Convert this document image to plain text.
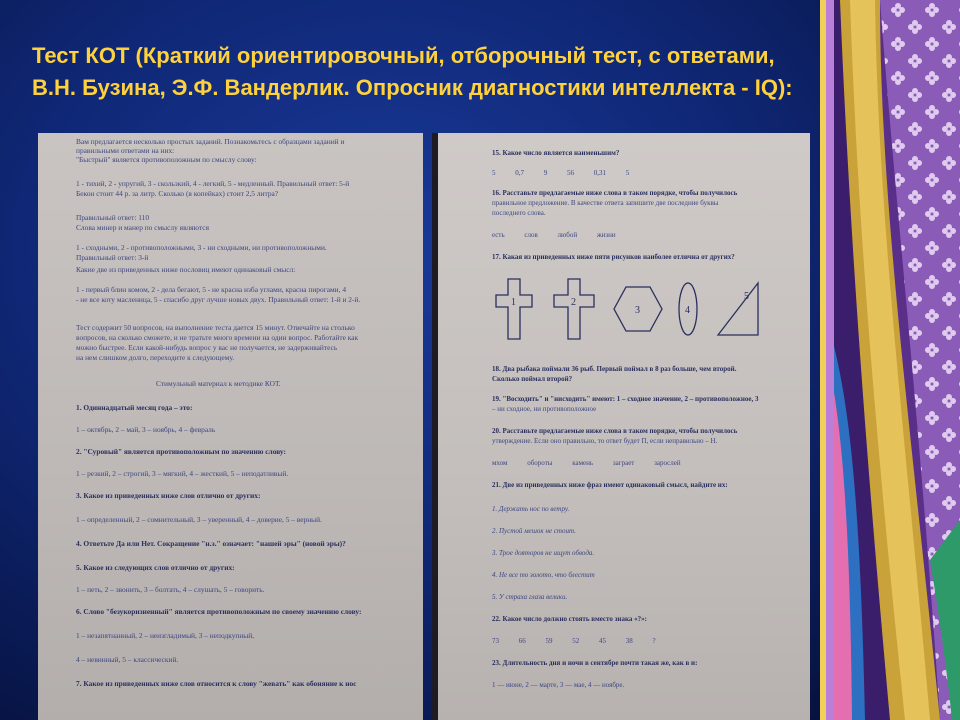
Тест КОТ (Краткий ориентировочный, отборочный тест, с ответами, В.Н. Бузина, Э.Ф. Вандерлик. Опросник диагностики интеллекта - IQ):
Вам предлагается несколько простых заданий. Познакомьтесь с образцами заданий и
правильными ответами на них:
"Быстрый" является противоположным по смыслу слову:
1 - тихий, 2 - упругий, 3 - скользкий, 4 - легкий, 5 - медленный. Правильный ответ: 5-й
Бекон стоит 44 р. за литр. Сколько (в копейках) стоит 2,5 литра?
Правильный ответ: 110
Слова минер и манер по смыслу являются
1 - сходными, 2 - противоположными, 3 - ни сходными, ни противоположными.
Правильный ответ: 3-й
Какие две из приведенных ниже пословиц имеют одинаковый смысл:
1 - первый блин комом, 2 - дела бегают, 5 - не красна изба углами, красна пирогами, 4
- не все коту масленица, 5 - спасибо друг лучше новых двух. Правильный ответ: 1-й и 2-й.
Тест содержит 50 вопросов, на выполнение теста дается 15 минут. Отвечайте на столько
вопросов, на сколько сможете, и не тратьте много времени на один вопрос. Работайте как
можно быстрее. Если какой-нибудь вопрос у вас не получается, не задерживайтесь
на нем слишком долго, переходите к следующему.
Стимульный материал к методике КОТ.
1. Одиннадцатый месяц года – это:
1 – октябрь, 2 – май, 3 – ноябрь, 4 – февраль
2. "Суровый" является противоположным по значению слову:
1 – резкий, 2 – строгий, 3 – мягкий, 4 – жесткий, 5 – неподатливый.
3. Какое из приведенных ниже слов отлично от других:
1 – определенный, 2 – сомнительный, 3 – уверенный, 4 – доверие, 5 – верный.
4. Ответьте Да или Нет. Сокращение "н.э." означает: "нашей эры" (новой эры)?
5. Какое из следующих слов отлично от других:
1 – петь, 2 – звонить, 3 – болтать, 4 – слушать, 5 – говорить.
6. Слово "безукоризненный" является противоположным по своему значению слову:
1 – незапятнанный, 2 – неизгладимый, 3 – неподкупный,
4 – невинный, 5 – классический.
7. Какое из приведенных ниже слов относится к слову "жевать" как обоняние к нос
15. Какое число является наименьшим?
5	0,7	9	56	0,31	5
16. Расставьте предлагаемые ниже слова в таком порядке, чтобы получилось
правильное предложение. В качестве ответа запишите две последние буквы
последнего слова.
есть	слов	любой	жизни
17. Какая из приведенных ниже пяти рисунков наиболее отлична от других?
1	2
3	4
5
18. Два рыбака поймали 36 рыб. Первый поймал в 8 раз больше, чем второй.
Сколько поймал второй?
19. "Восходить" и "нисходить" имеют: 1 – сходное значение, 2 – противоположное, 3
– ни сходное, ни противоположное
20. Расставьте предлагаемые ниже слова в таком порядке, чтобы получилось
утверждение. Если оно правильно, то ответ будет П, если неправильно – Н.
мхом	обороты	камень	заграет	зарослей
21. Две из приведенных ниже фраз имеют одинаковый смысл, найдите их:
1. Держать нос по ветру.
2. Пустой мешок не стоит.
3. Трое дояторов не ищут обвода.
4. Не все то золото, что блестит
5. У страха глаза велики.
22. Какое число должно стоять вместо знака «?»:
73	66	59	52	45	38	?
23. Длительность дня и ночи в сентябре почти такая же, как в и:
1 — июне, 2 — марте, 3 — мае, 4 — ноябре.
